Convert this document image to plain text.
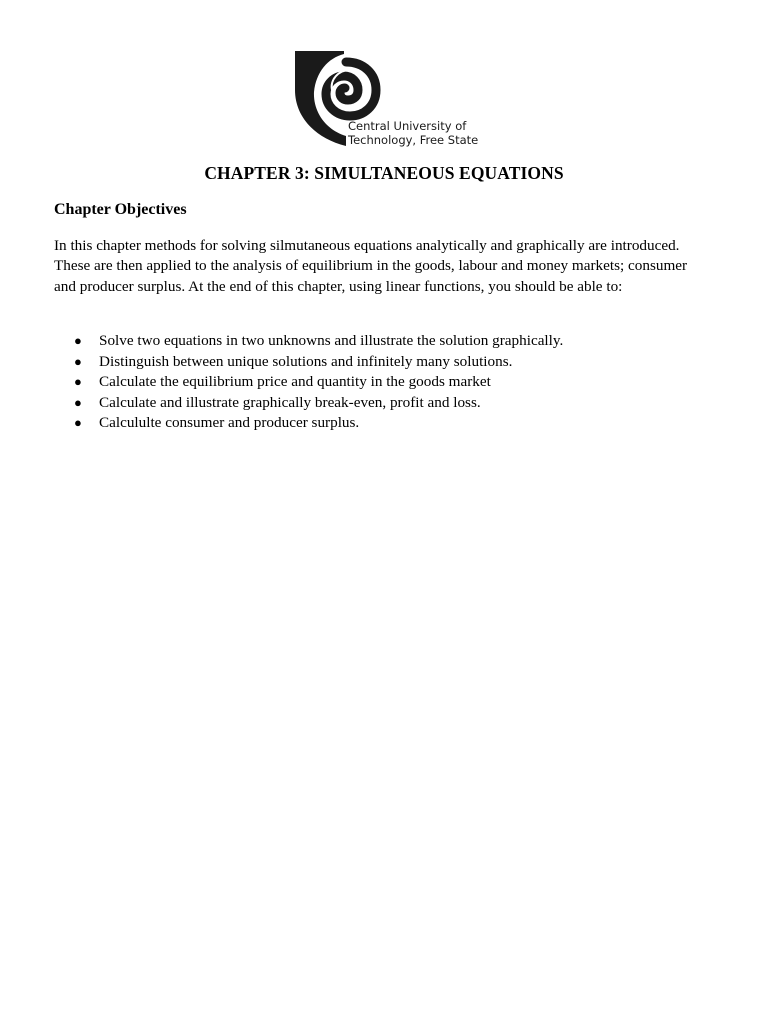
Central University of
Technology, Free State
CHAPTER 3: SIMULTANEOUS EQUATIONS
Chapter Objectives

In this chapter methods for solving silmutaneous equations analytically and graphically are introduced. These are then applied to the analysis of equilibrium in the goods, labour and money markets; consumer and producer surplus. At the end of this chapter, using linear functions, you should be able to:

● Solve two equations in two unknowns and illustrate the solution graphically.
● Distinguish between unique solutions and infinitely many solutions.
● Calculate the equilibrium price and quantity in the goods market
● Calculate and illustrate graphically break-even, profit and loss.
● Calcululte consumer and producer surplus.
